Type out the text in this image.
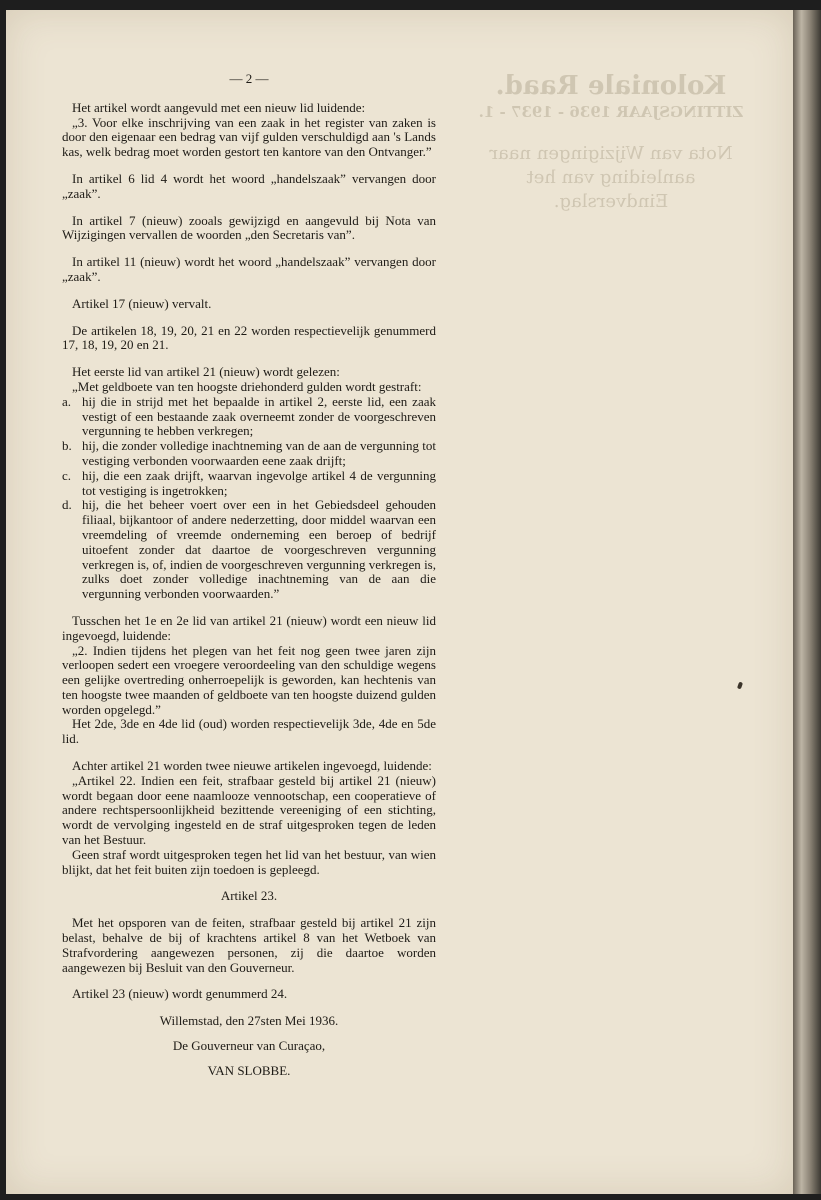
Koloniale Raad.
ZITTINGSJAAR 1936 - 1937 - 1.
Nota van Wijzigingen naar aanleiding van het Eindverslag.
— 2 —

Het artikel wordt aangevuld met een nieuw lid luidende:

„3. Voor elke inschrijving van een zaak in het register van zaken is door den eigenaar een bedrag van vijf gulden verschuldigd aan 's Lands kas, welk bedrag moet worden gestort ten kantore van den Ontvanger.”

In artikel 6 lid 4 wordt het woord „handelszaak” vervangen door „zaak”.

In artikel 7 (nieuw) zooals gewijzigd en aangevuld bij Nota van Wijzigingen vervallen de woorden „den Secretaris van”.

In artikel 11 (nieuw) wordt het woord „handelszaak” vervangen door „zaak”.

Artikel 17 (nieuw) vervalt.

De artikelen 18, 19, 20, 21 en 22 worden respectievelijk genummerd 17, 18, 19, 20 en 21.

Het eerste lid van artikel 21 (nieuw) wordt gelezen:

„Met geldboete van ten hoogste driehonderd gulden wordt gestraft:

a. hij die in strijd met het bepaalde in artikel 2, eerste lid, een zaak vestigt of een bestaande zaak overneemt zonder de voorgeschreven vergunning te hebben verkregen;
b. hij, die zonder volledige inachtneming van de aan de vergunning tot vestiging verbonden voorwaarden eene zaak drijft;
c. hij, die een zaak drijft, waarvan ingevolge artikel 4 de vergunning tot vestiging is ingetrokken;
d. hij, die het beheer voert over een in het Gebiedsdeel gehouden filiaal, bijkantoor of andere nederzetting, door middel waarvan een vreemdeling of vreemde onderneming een beroep of bedrijf uitoefent zonder dat daartoe de voorgeschreven vergunning verkregen is, of, indien de voorgeschreven vergunning verkregen is, zulks doet zonder volledige inachtneming van de aan die vergunning verbonden voorwaarden.”

Tusschen het 1e en 2e lid van artikel 21 (nieuw) wordt een nieuw lid ingevoegd, luidende:

„2. Indien tijdens het plegen van het feit nog geen twee jaren zijn verloopen sedert een vroegere veroordeeling van den schuldige wegens een gelijke overtreding onherroepelijk is geworden, kan hechtenis van ten hoogste twee maanden of geldboete van ten hoogste duizend gulden worden opgelegd.”

Het 2de, 3de en 4de lid (oud) worden respectievelijk 3de, 4de en 5de lid.

Achter artikel 21 worden twee nieuwe artikelen ingevoegd, luidende:

„Artikel 22. Indien een feit, strafbaar gesteld bij artikel 21 (nieuw) wordt begaan door eene naamlooze vennootschap, een cooperatieve of andere rechtspersoonlijkheid bezittende vereeniging of een stichting, wordt de vervolging ingesteld en de straf uitgesproken tegen de leden van het Bestuur.

Geen straf wordt uitgesproken tegen het lid van het bestuur, van wien blijkt, dat het feit buiten zijn toedoen is gepleegd.

Artikel 23.

Met het opsporen van de feiten, strafbaar gesteld bij artikel 21 zijn belast, behalve de bij of krachtens artikel 8 van het Wetboek van Strafvordering aangewezen personen, zij die daartoe worden aangewezen bij Besluit van den Gouverneur.

Artikel 23 (nieuw) wordt genummerd 24.

Willemstad, den 27sten Mei 1936.

De Gouverneur van Curaçao,

VAN SLOBBE.
